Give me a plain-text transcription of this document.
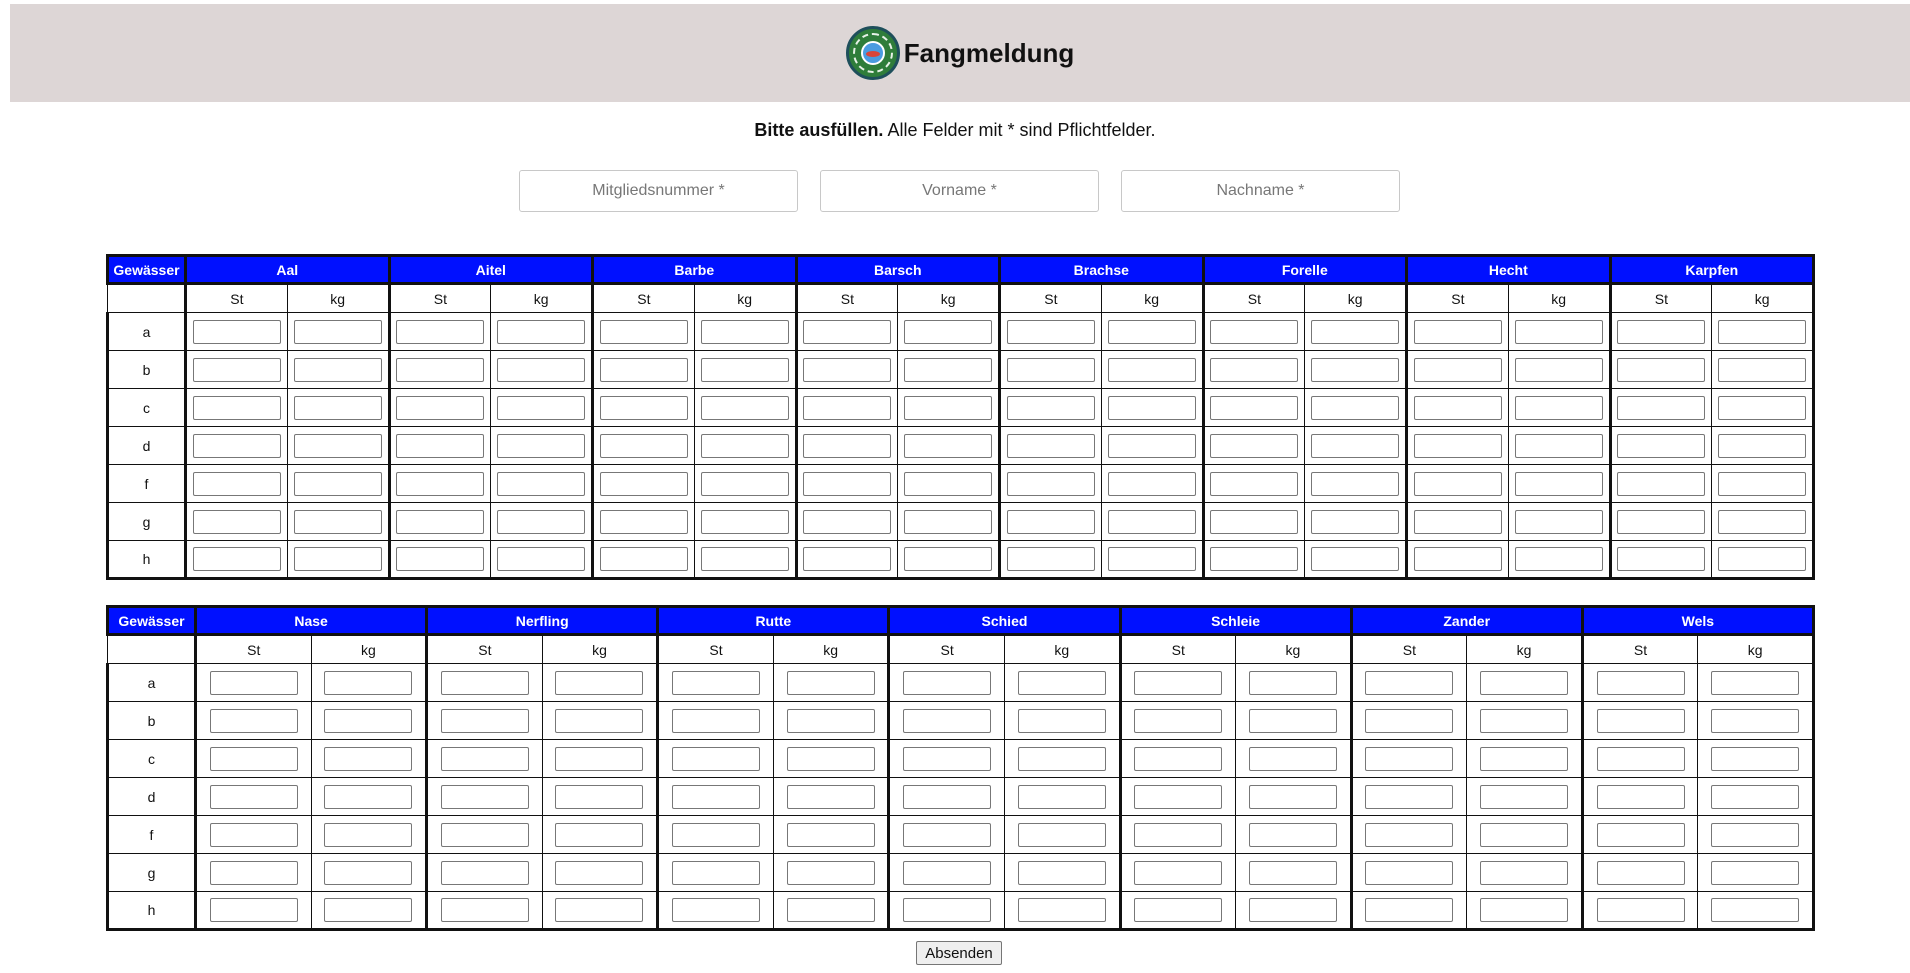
Fangmeldung
Bitte ausfüllen. Alle Felder mit * sind Pflichtfelder.
Mitgliedsnummer *
Vorname *
Nachname *
Gewässer	Aal		Aitel		Barbe		Barsch		Brachse		Forelle		Hecht		Karpfen	
	St	kg	St	kg	St	kg	St	kg	St	kg	St	kg	St	kg	St	kg
a																
b																
c																
d																
f																
g																
h																
Gewässer	Nase		Nerfling		Rutte		Schied		Schleie		Zander		Wels	
	St	kg	St	kg	St	kg	St	kg	St	kg	St	kg	St	kg
a														
b														
c														
d														
f														
g														
h														
Absenden
